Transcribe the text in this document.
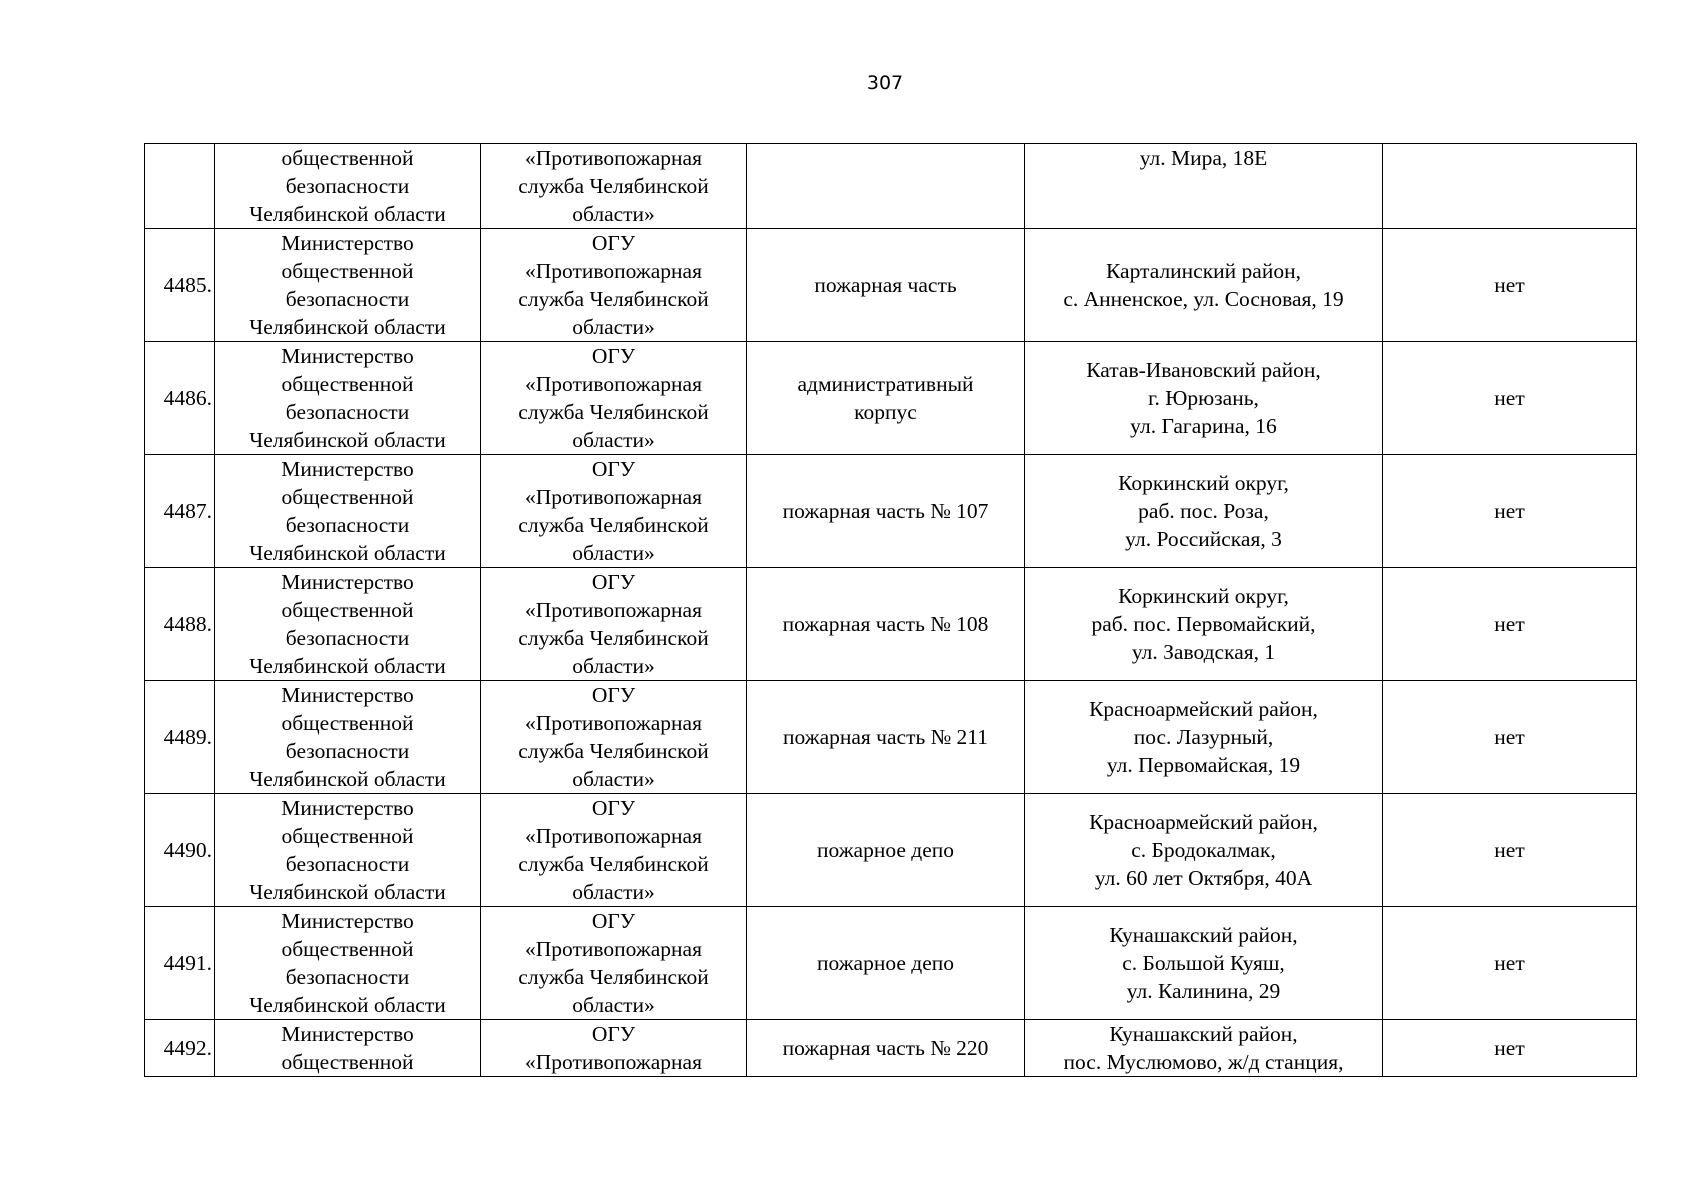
307

	общественной
безопасности
Челябинской области	«Противопожарная
служба Челябинской
области»		ул. Мира, 18Е	

4485.	Министерство
общественной
безопасности
Челябинской области	ОГУ
«Противопожарная
служба Челябинской
области»	пожарная часть	Карталинский район,
с. Анненское, ул. Сосновая, 19	нет
4486.	Министерство
общественной
безопасности
Челябинской области	ОГУ
«Противопожарная
служба Челябинской
области»	административный
корпус	Катав-Ивановский район,
г. Юрюзань,
ул. Гагарина, 16	нет
4487.	Министерство
общественной
безопасности
Челябинской области	ОГУ
«Противопожарная
служба Челябинской
области»	пожарная часть № 107	Коркинский округ,
раб. пос. Роза,
ул. Российская, 3	нет
4488.	Министерство
общественной
безопасности
Челябинской области	ОГУ
«Противопожарная
служба Челябинской
области»	пожарная часть № 108	Коркинский округ,
раб. пос. Первомайский,
ул. Заводская, 1	нет
4489.	Министерство
общественной
безопасности
Челябинской области	ОГУ
«Противопожарная
служба Челябинской
области»	пожарная часть № 211	Красноармейский район,
пос. Лазурный,
ул. Первомайская, 19	нет
4490.	Министерство
общественной
безопасности
Челябинской области	ОГУ
«Противопожарная
служба Челябинской
области»	пожарное депо	Красноармейский район,
с. Бродокалмак,
ул. 60 лет Октября, 40А	нет
4491.	Министерство
общественной
безопасности
Челябинской области	ОГУ
«Противопожарная
служба Челябинской
области»	пожарное депо	Кунашакский район,
с. Большой Куяш,
ул. Калинина, 29	нет
4492.	Министерство
общественной	ОГУ
«Противопожарная	пожарная часть № 220	Кунашакский район,
пос. Муслюмово, ж/д станция,	нет
